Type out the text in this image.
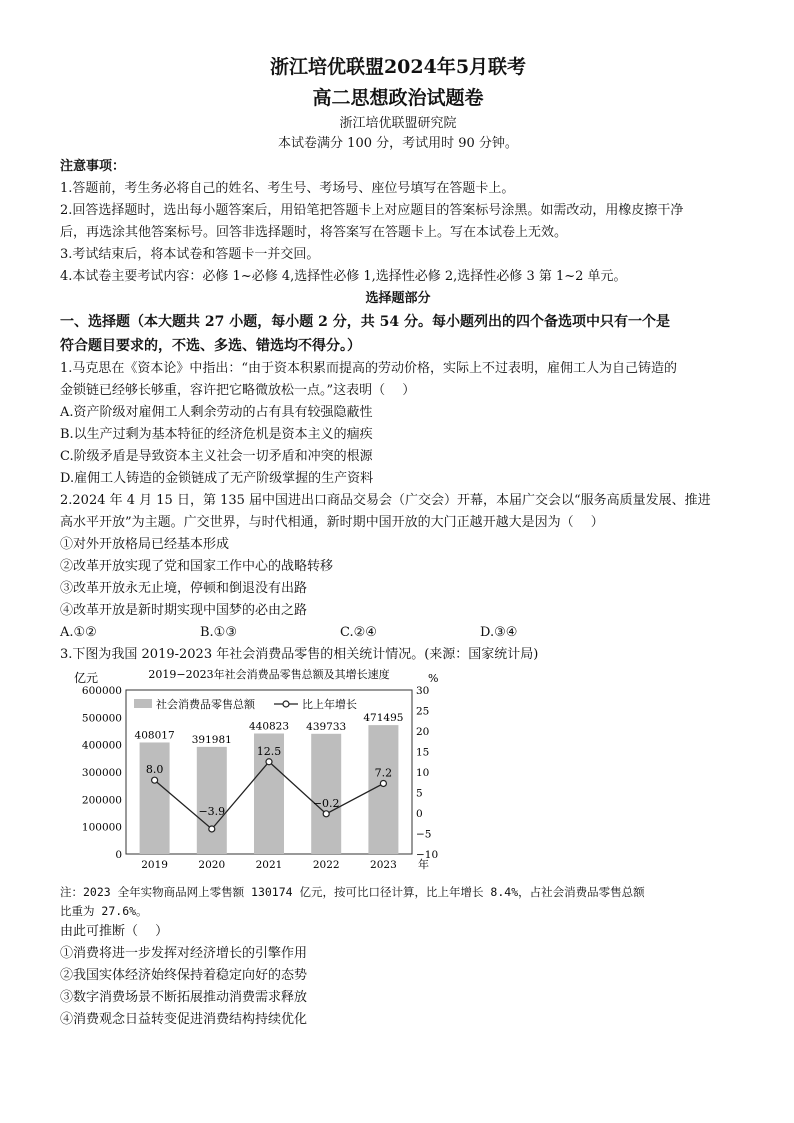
浙江培优联盟2024年5月联考
高二思想政治试题卷
浙江培优联盟研究院
本试卷满分 100 分，考试用时 90 分钟。
注意事项：
1.答题前，考生务必将自己的姓名、考生号、考场号、座位号填写在答题卡上。
2.回答选择题时，选出每小题答案后，用铅笔把答题卡上对应题目的答案标号涂黑。如需改动，用橡皮擦干净
后，再选涂其他答案标号。回答非选择题时，将答案写在答题卡上。写在本试卷上无效。
3.考试结束后，将本试卷和答题卡一并交回。
4.本试卷主要考试内容：必修 1~必修 4,选择性必修 1,选择性必修 2,选择性必修 3 第 1~2 单元。
选择题部分
一、选择题（本大题共 27 小题，每小题 2 分，共 54 分。每小题列出的四个备选项中只有一个是
符合题目要求的，不选、多选、错选均不得分。）
1.马克思在《资本论》中指出：“由于资本积累而提高的劳动价格，实际上不过表明，雇佣工人为自己铸造的
金锁链已经够长够重，容许把它略微放松一点。”这表明（　 ）
A.资产阶级对雇佣工人剩余劳动的占有具有较强隐蔽性
B.以生产过剩为基本特征的经济危机是资本主义的痼疾
C.阶级矛盾是导致资本主义社会一切矛盾和冲突的根源
D.雇佣工人铸造的金锁链成了无产阶级掌握的生产资料
2.2024 年 4 月 15 日，第 135 届中国进出口商品交易会（广交会）开幕，本届广交会以“服务高质量发展、推进
高水平开放”为主题。广交世界，与时代相通，新时期中国开放的大门正越开越大是因为（　 ）
①对外开放格局已经基本形成
②改革开放实现了党和国家工作中心的战略转移
③改革开放永无止境，停顿和倒退没有出路
④改革开放是新时期实现中国梦的必由之路
A.①②	B.①③	C.②④	D.③④
3.下图为我国 2019-2023 年社会消费品零售的相关统计情况。(来源：国家统计局)
2019−2023年社会消费品零售总额及其增长速度
亿元	%
0
100000
200000
300000
400000
500000
600000
−10
−5
0
5
10
15
20
25
30
408017
2019
391981
2020
440823
2021
439733
2022
471495
2023 年
8.0
−3.9
12.5
−0.2
7.2
社会消费品零售总额	比上年增长
注：2023 全年实物商品网上零售额 130174 亿元，按可比口径计算，比上年增长 8.4%，占社会消费品零售总额
比重为 27.6%。
由此可推断（　 ）
①消费将进一步发挥对经济增长的引擎作用
②我国实体经济始终保持着稳定向好的态势
③数字消费场景不断拓展推动消费需求释放
④消费观念日益转变促进消费结构持续优化
